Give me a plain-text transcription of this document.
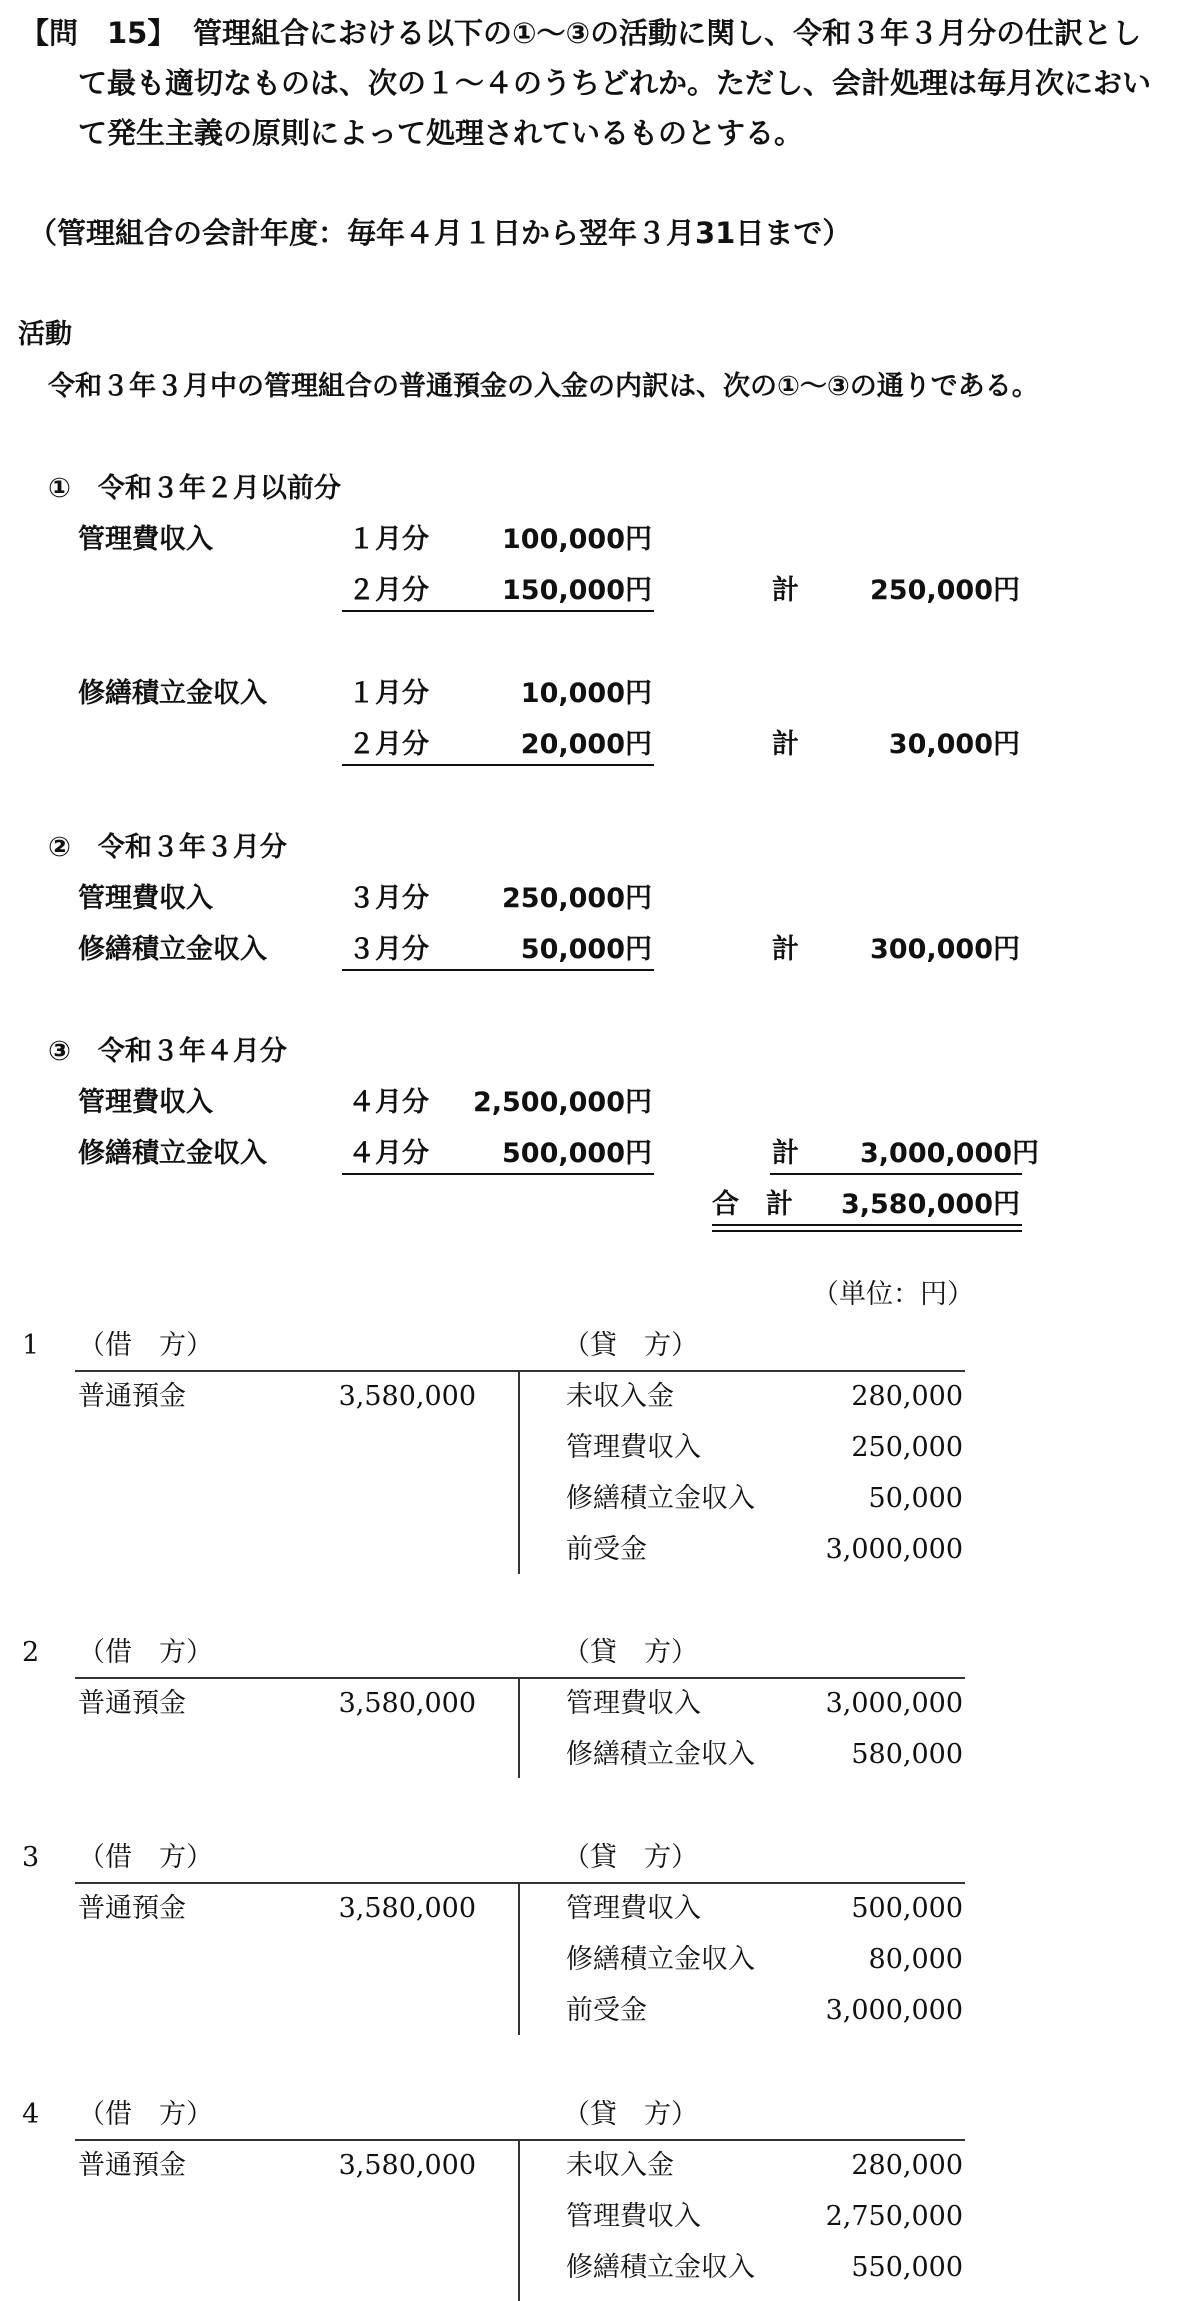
【問　15】 管理組合における以下の①～③の活動に関し、令和３年３月分の仕訳とし
て最も適切なものは、次の１～４のうちどれか。ただし、会計処理は毎月次におい
て発生主義の原則によって処理されているものとする。
（管理組合の会計年度：毎年４月１日から翌年３月31日まで）
活動
令和３年３月中の管理組合の普通預金の入金の内訳は、次の①～③の通りである。
①　令和３年２月以前分
管理費収入	１月分	100,000円
２月分	150,000円	計	250,000円
修繕積立金収入	１月分	10,000円
２月分	20,000円	計	30,000円
②　令和３年３月分
管理費収入	３月分	250,000円
修繕積立金収入	３月分	50,000円	計	300,000円
③　令和３年４月分
管理費収入	４月分 2,500,000円
修繕積立金収入	４月分	500,000円	計 3,000,000円
合　計 3,580,000円
（単位：円）
1 （借　方）	（貸　方）
普通預金	3,580,000	未収入金	280,000
管理費収入	250,000
修繕積立金収入	50,000
前受金	3,000,000
2 （借　方）	（貸　方）
普通預金	3,580,000	管理費収入	3,000,000
修繕積立金収入	580,000
3 （借　方）	（貸　方）
普通預金	3,580,000	管理費収入	500,000
修繕積立金収入	80,000
前受金	3,000,000
4 （借　方）	（貸　方）
普通預金	3,580,000	未収入金	280,000
管理費収入	2,750,000
修繕積立金収入	550,000
